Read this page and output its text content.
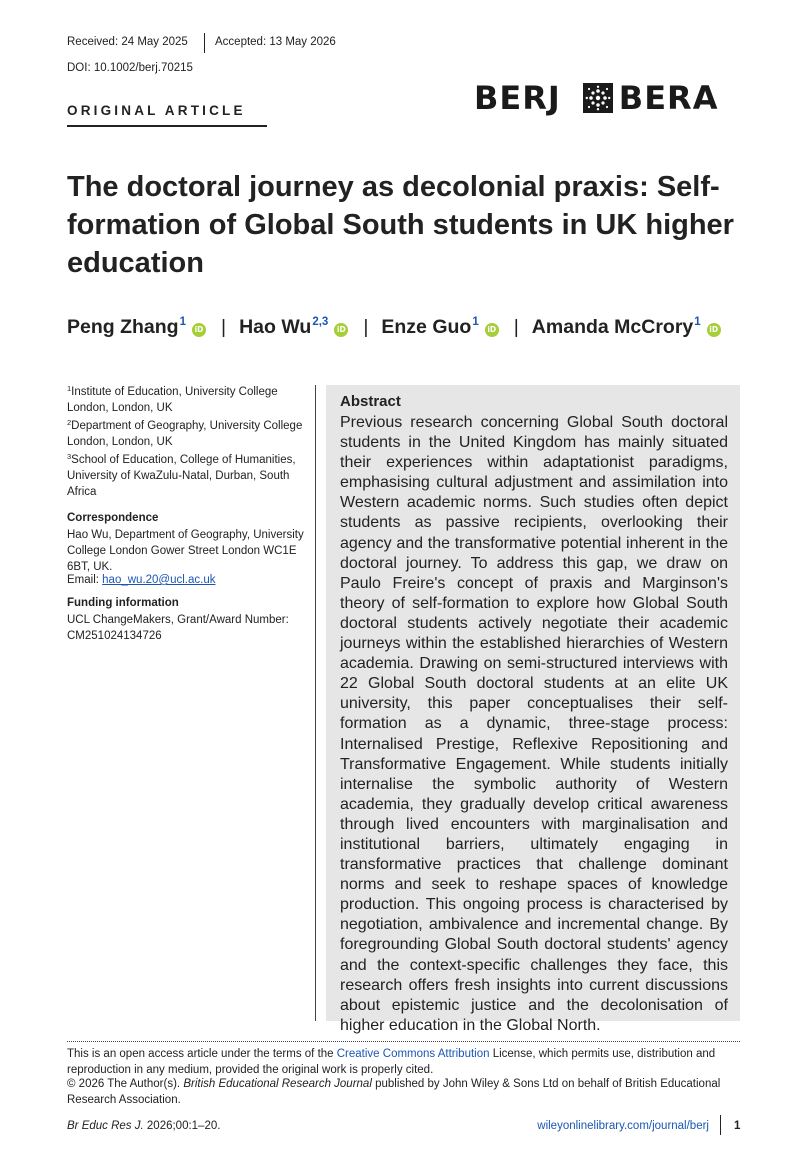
Received: 24 May 2025 Accepted: 13 May 2026
DOI: 10.1002/berj.70215
ORIGINAL ARTICLE	BERJ BERA
The doctoral journey as decolonial praxis: Self-formation of Global South students in UK higher education
Peng Zhang$^1$iD | Hao Wu$^{2,3}$iD | Enze Guo$^1$iD | Amanda McCrory$^1$iD
$^1$Institute of Education, University College London, London, UK
$^2$Department of Geography, University College London, London, UK
$^3$School of Education, College of Humanities, University of KwaZulu-Natal, Durban, South Africa
Correspondence
Hao Wu, Department of Geography, University College London Gower Street London WC1E 6BT, UK.
Email: hao_wu.20@ucl.ac.uk
Funding information
UCL ChangeMakers, Grant/Award Number: CM251024134726
Abstract

Previous research concerning Global South doctoral students in the United Kingdom has mainly situated their experiences within adaptationist paradigms, emphasising cultural adjustment and assimilation into Western academic norms. Such studies often depict students as passive recipients, overlooking their agency and the transformative potential inherent in the doctoral journey. To address this gap, we draw on Paulo Freire's concept of praxis and Marginson's theory of self-formation to explore how Global South doctoral students actively negotiate their academic journeys within the established hierarchies of Western academia. Drawing on semi-structured interviews with 22 Global South doctoral students at an elite UK university, this paper conceptualises their self-formation as a dynamic, three-stage process: Internalised Prestige, Reflexive Repositioning and Transformative Engagement. While students initially internalise the symbolic authority of Western academia, they gradually develop critical awareness through lived encounters with marginalisation and institutional barriers, ultimately engaging in transformative practices that challenge dominant norms and seek to reshape spaces of knowledge production. This ongoing process is characterised by negotiation, ambivalence and incremental change. By foregrounding Global South doctoral students' agency and the context-specific challenges they face, this research offers fresh insights into current discussions about epistemic justice and the decolonisation of higher education in the Global North.

This is an open access article under the terms of the Creative Commons Attribution License, which permits use, distribution and reproduction in any medium, provided the original work is properly cited.
© 2026 The Author(s). British Educational Research Journal published by John Wiley & Sons Ltd on behalf of British Educational Research Association.
Br Educ Res J. 2026;00:1–20.	wileyonlinelibrary.com/journal/berj 1
